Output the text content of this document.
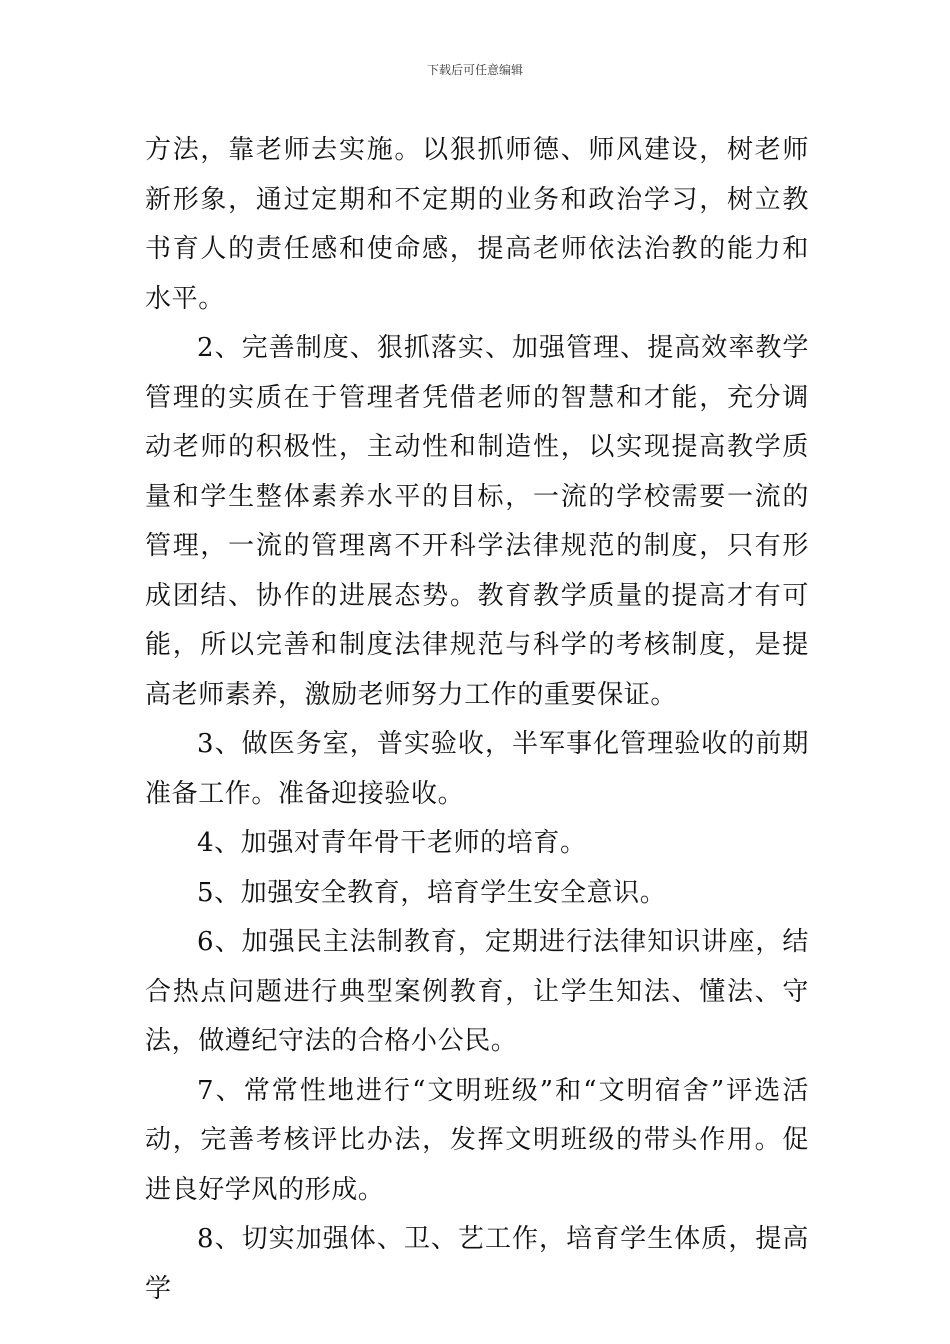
下载后可任意编辑

方法，靠老师去实施。以狠抓师德、师风建设，树老师新形象，通过定期和不定期的业务和政治学习，树立教书育人的责任感和使命感，提高老师依法治教的能力和水平。

2、完善制度、狠抓落实、加强管理、提高效率教学管理的实质在于管理者凭借老师的智慧和才能，充分调动老师的积极性，主动性和制造性，以实现提高教学质量和学生整体素养水平的目标，一流的学校需要一流的管理，一流的管理离不开科学法律规范的制度，只有形成团结、协作的进展态势。教育教学质量的提高才有可能，所以完善和制度法律规范与科学的考核制度，是提高老师素养，激励老师努力工作的重要保证。

3、做医务室，普实验收，半军事化管理验收的前期准备工作。准备迎接验收。

4、加强对青年骨干老师的培育。

5、加强安全教育，培育学生安全意识。

6、加强民主法制教育，定期进行法律知识讲座，结合热点问题进行典型案例教育，让学生知法、懂法、守法，做遵纪守法的合格小公民。

7、常常性地进行“文明班级”和“文明宿舍”评选活动，完善考核评比办法，发挥文明班级的带头作用。促进良好学风的形成。

8、切实加强体、卫、艺工作，培育学生体质，提高学
